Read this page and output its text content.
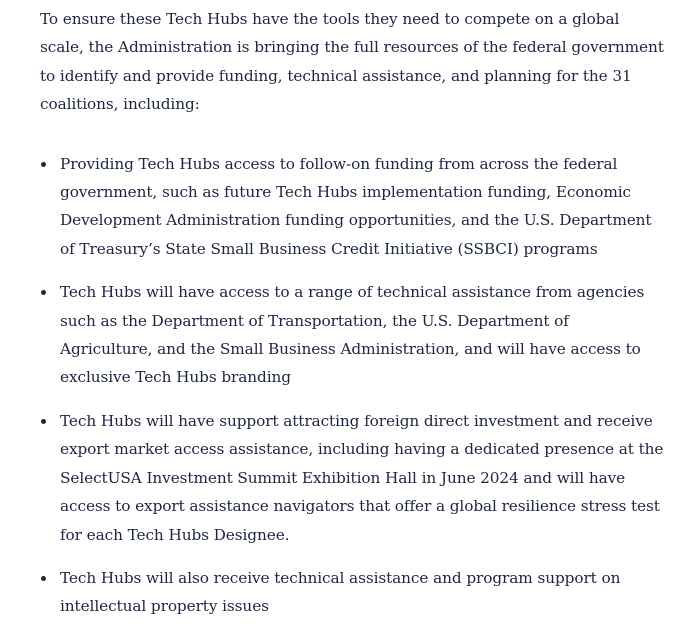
To ensure these Tech Hubs have the tools they need to compete on a global scale, the Administration is bringing the full resources of the federal government to identify and provide funding, technical assistance, and planning for the 31 coalitions, including:

Providing Tech Hubs access to follow-on funding from across the federal government, such as future Tech Hubs implementation funding, Economic Development Administration funding opportunities, and the U.S. Department of Treasury’s State Small Business Credit Initiative (SSBCI) programs
Tech Hubs will have access to a range of technical assistance from agencies such as the Department of Transportation, the U.S. Department of Agriculture, and the Small Business Administration, and will have access to exclusive Tech Hubs branding
Tech Hubs will have support attracting foreign direct investment and receive export market access assistance, including having a dedicated presence at the SelectUSA Investment Summit Exhibition Hall in June 2024 and will have access to export assistance navigators that offer a global resilience stress test for each Tech Hubs Designee.
Tech Hubs will also receive technical assistance and program support on intellectual property issues
